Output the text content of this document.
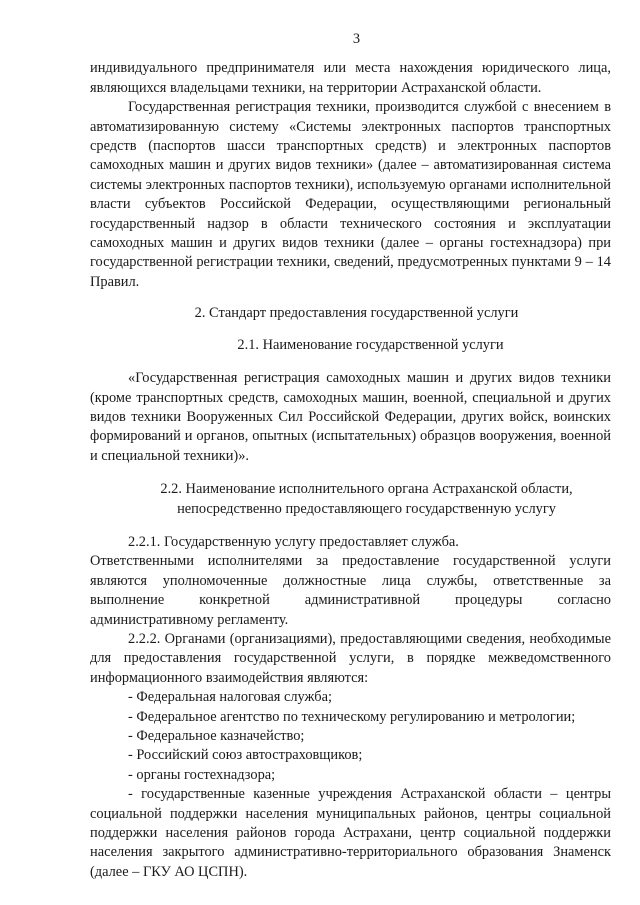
3

индивидуального предпринимателя или места нахождения юридического лица, являющихся владельцами техники, на территории Астраханской области.

Государственная регистрация техники, производится службой с внесением в автоматизированную систему «Системы электронных паспортов транспортных средств (паспортов шасси транспортных средств) и электронных паспортов самоходных машин и других видов техники» (далее – автоматизированная система системы электронных паспортов техники), используемую органами исполнительной власти субъектов Российской Федерации, осуществляющими региональный государственный надзор в области технического состояния и эксплуатации самоходных машин и других видов техники (далее – органы гостехнадзора) при государственной регистрации техники, сведений, предусмотренных пунктами 9 – 14 Правил.

2. Стандарт предоставления государственной услуги

2.1. Наименование государственной услуги

«Государственная регистрация самоходных машин и других видов техники (кроме транспортных средств, самоходных машин, военной, специальной и других видов техники Вооруженных Сил Российской Федерации, других войск, воинских формирований и органов, опытных (испытательных) образцов вооружения, военной и специальной техники)».

2.2. Наименование исполнительного органа Астраханской области,
непосредственно предоставляющего государственную услугу

2.2.1. Государственную услугу предоставляет служба.

Ответственными исполнителями за предоставление государственной услуги являются уполномоченные должностные лица службы, ответственные за выполнение конкретной административной процедуры согласно административному регламенту.

2.2.2. Органами (организациями), предоставляющими сведения, необходимые для предоставления государственной услуги, в порядке межведомственного информационного взаимодействия являются:

- Федеральная налоговая служба;

- Федеральное агентство по техническому регулированию и метрологии;

- Федеральное казначейство;

- Российский союз автостраховщиков;

- органы гостехнадзора;

- государственные казенные учреждения Астраханской области – центры социальной поддержки населения муниципальных районов, центры социальной поддержки населения районов города Астрахани, центр социальной поддержки населения закрытого административно-территориального образования Знаменск (далее – ГКУ АО ЦСПН).
